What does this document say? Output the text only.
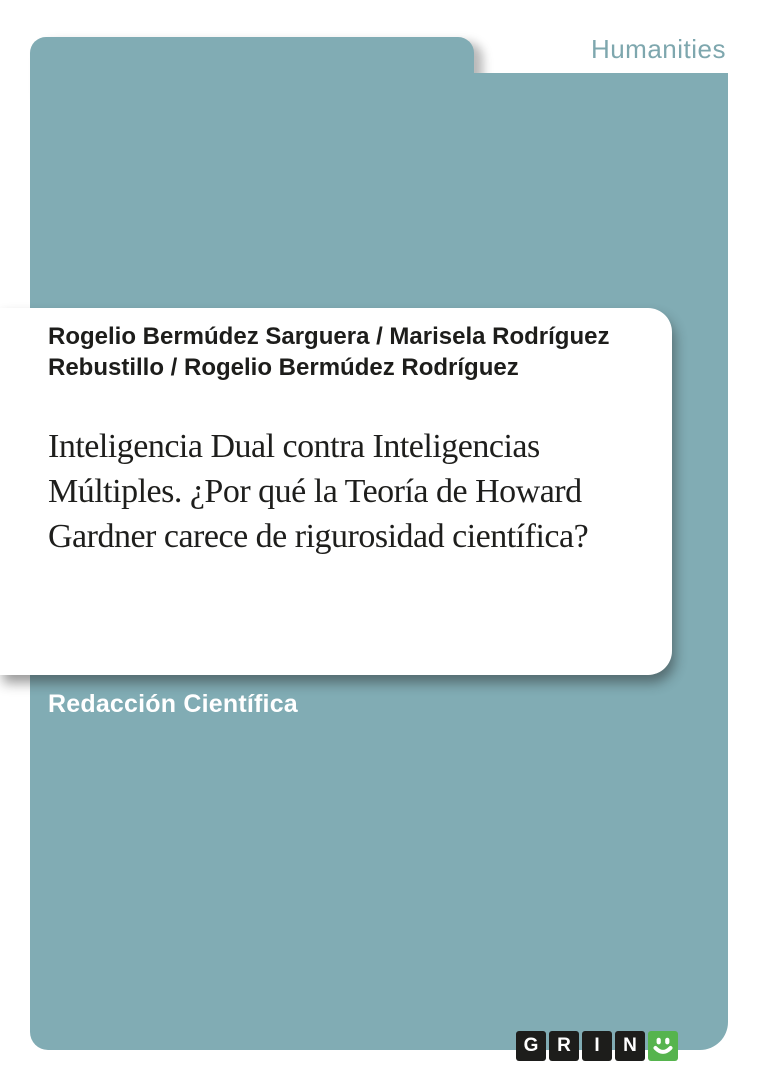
Humanities
Rogelio Bermúdez Sarguera / Marisela Rodríguez
Rebustillo / Rogelio Bermúdez Rodríguez
Inteligencia Dual contra Inteligencias
Múltiples. ¿Por qué la Teoría de Howard
Gardner carece de rigurosidad científica?
Redacción Científica
G R	I	N
